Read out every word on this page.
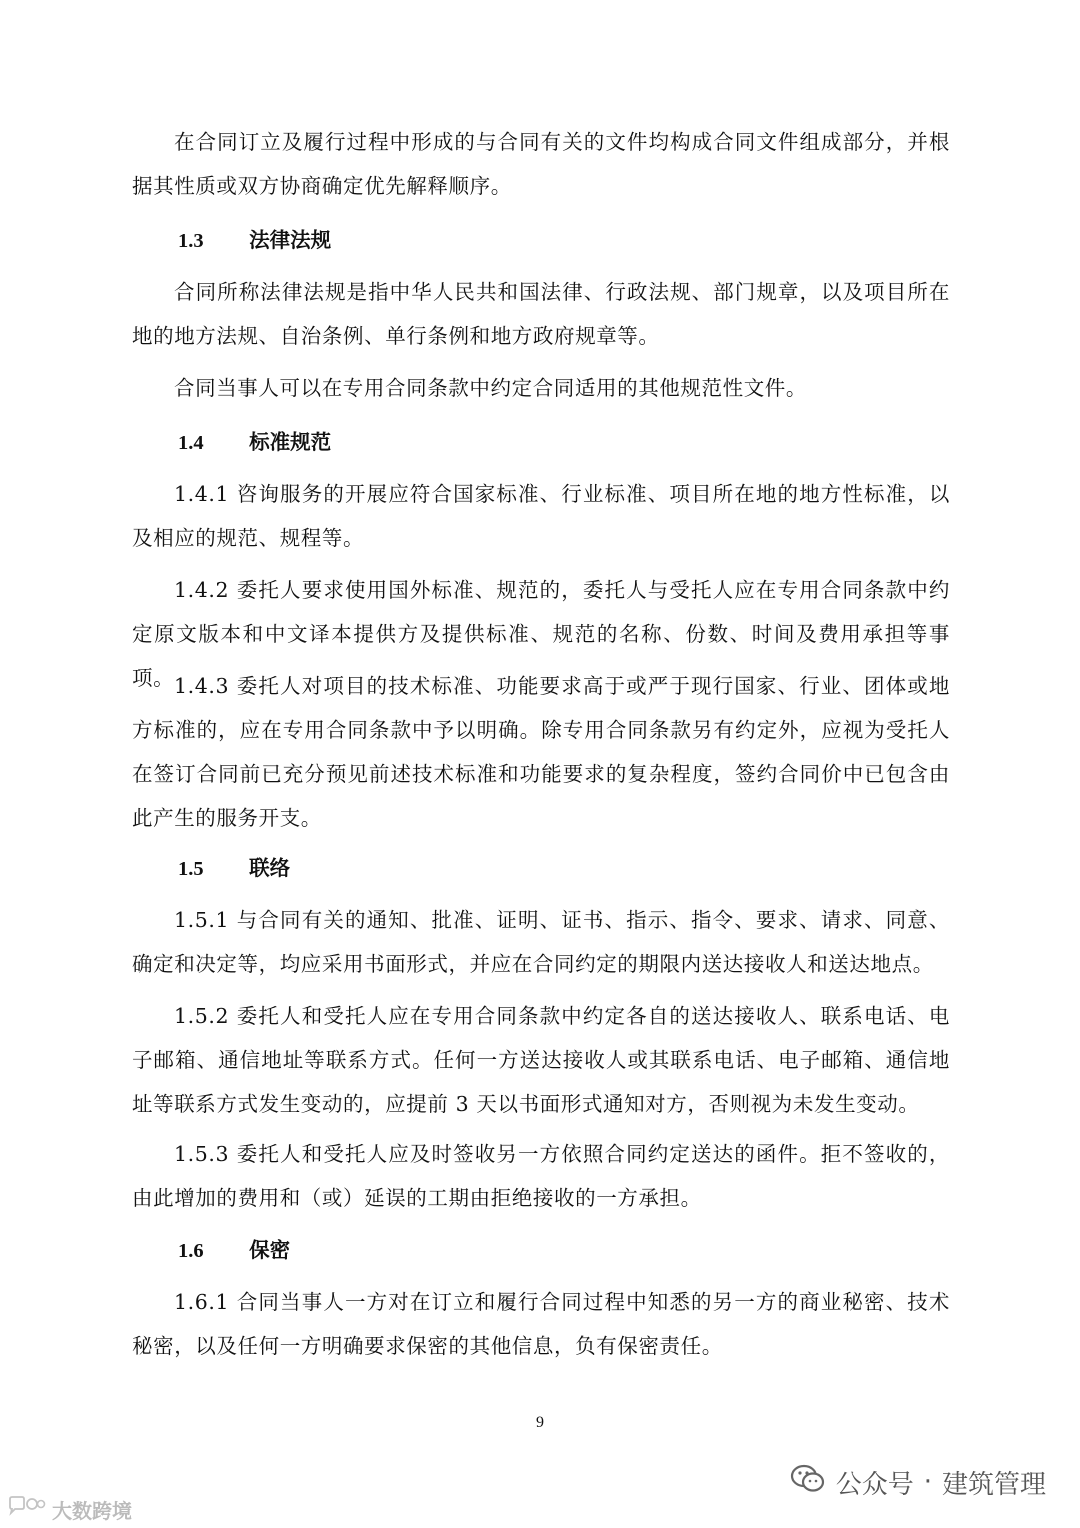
在合同订立及履行过程中形成的与合同有关的文件均构成合同文件组成部分，并根据其性质或双方协商确定优先解释顺序。

1.3 法律法规

合同所称法律法规是指中华人民共和国法律、行政法规、部门规章，以及项目所在地的地方法规、自治条例、单行条例和地方政府规章等。

合同当事人可以在专用合同条款中约定合同适用的其他规范性文件。

1.4 标准规范

1.4.1 咨询服务的开展应符合国家标准、行业标准、项目所在地的地方性标准，以及相应的规范、规程等。

1.4.2 委托人要求使用国外标准、规范的，委托人与受托人应在专用合同条款中约定原文版本和中文译本提供方及提供标准、规范的名称、份数、时间及费用承担等事项。 1.4.3 委托人对项目的技术标准、功能要求高于或严于现行国家、行业、团体或地方标准的，应在专用合同条款中予以明确。除专用合同条款另有约定外，应视为受托人在签订合同前已充分预见前述技术标准和功能要求的复杂程度，签约合同价中已包含由此产生的服务开支。

1.5 联络

1.5.1 与合同有关的通知、批准、证明、证书、指示、指令、要求、请求、同意、确定和决定等，均应采用书面形式，并应在合同约定的期限内送达接收人和送达地点。

1.5.2 委托人和受托人应在专用合同条款中约定各自的送达接收人、联系电话、电子邮箱、通信地址等联系方式。任何一方送达接收人或其联系电话、电子邮箱、通信地址等联系方式发生变动的，应提前 3 天以书面形式通知对方，否则视为未发生变动。

1.5.3 委托人和受托人应及时签收另一方依照合同约定送达的函件。拒不签收的，由此增加的费用和（或）延误的工期由拒绝接收的一方承担。

1.6 保密

1.6.1 合同当事人一方对在订立和履行合同过程中知悉的另一方的商业秘密、技术秘密，以及任何一方明确要求保密的其他信息，负有保密责任。

9
公众号 · 建筑管理
大数跨境
